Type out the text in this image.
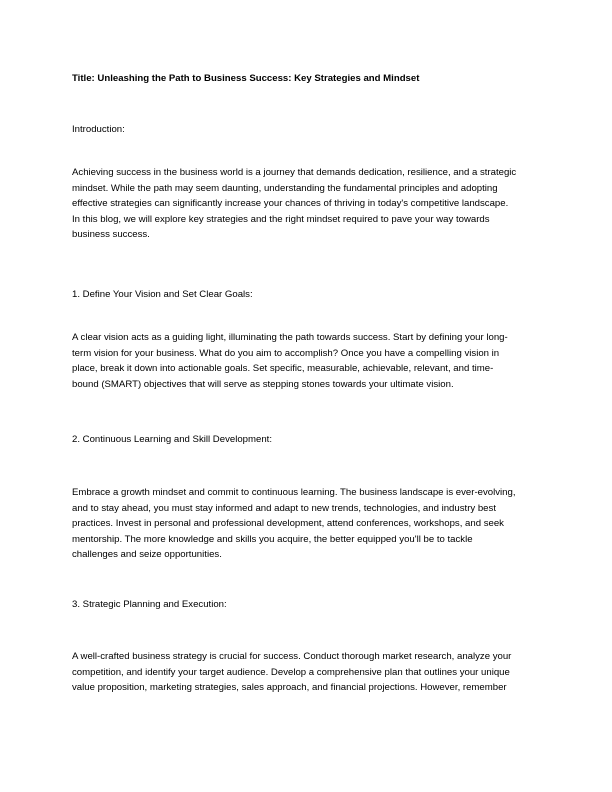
Title: Unleashing the Path to Business Success: Key Strategies and Mindset

Introduction:

Achieving success in the business world is a journey that demands dedication, resilience, and a strategic
mindset. While the path may seem daunting, understanding the fundamental principles and adopting
effective strategies can significantly increase your chances of thriving in today's competitive landscape.
In this blog, we will explore key strategies and the right mindset required to pave your way towards
business success.

1. Define Your Vision and Set Clear Goals:

A clear vision acts as a guiding light, illuminating the path towards success. Start by defining your long-
term vision for your business. What do you aim to accomplish? Once you have a compelling vision in
place, break it down into actionable goals. Set specific, measurable, achievable, relevant, and time-
bound (SMART) objectives that will serve as stepping stones towards your ultimate vision.

2. Continuous Learning and Skill Development:

Embrace a growth mindset and commit to continuous learning. The business landscape is ever-evolving,
and to stay ahead, you must stay informed and adapt to new trends, technologies, and industry best
practices. Invest in personal and professional development, attend conferences, workshops, and seek
mentorship. The more knowledge and skills you acquire, the better equipped you'll be to tackle
challenges and seize opportunities.

3. Strategic Planning and Execution:

A well-crafted business strategy is crucial for success. Conduct thorough market research, analyze your
competition, and identify your target audience. Develop a comprehensive plan that outlines your unique
value proposition, marketing strategies, sales approach, and financial projections. However, remember
